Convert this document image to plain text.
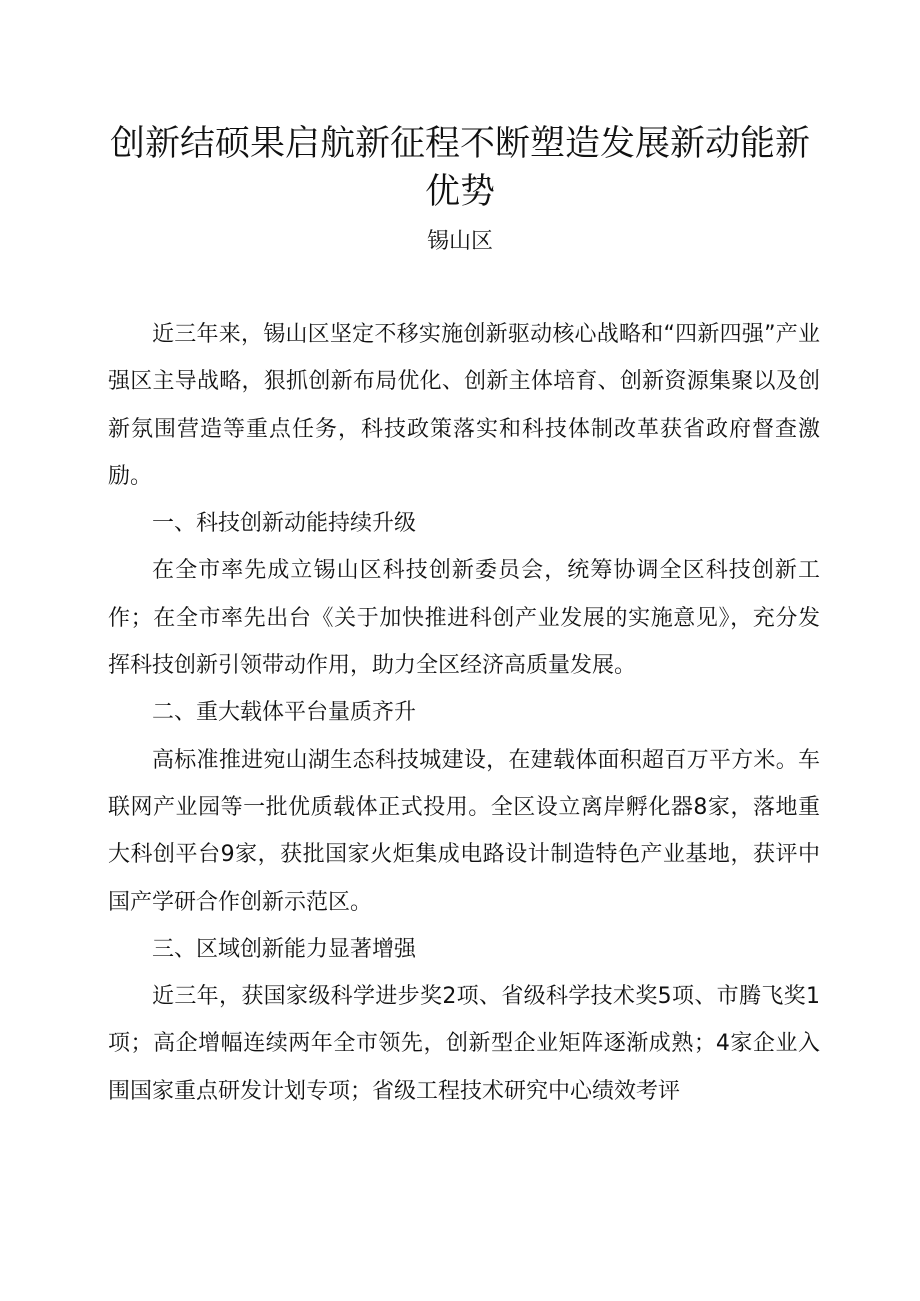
创新结硕果启航新征程不断塑造发展新动能新
优势
锡山区

近三年来，锡山区坚定不移实施创新驱动核心战略和“四新四强”产业强区主导战略，狠抓创新布局优化、创新主体培育、创新资源集聚以及创新氛围营造等重点任务，科技政策落实和科技体制改革获省政府督查激励。

一、科技创新动能持续升级

在全市率先成立锡山区科技创新委员会，统筹协调全区科技创新工作；在全市率先出台《关于加快推进科创产业发展的实施意见》，充分发挥科技创新引领带动作用，助力全区经济高质量发展。

二、重大载体平台量质齐升

高标准推进宛山湖生态科技城建设，在建载体面积超百万平方米。车联网产业园等一批优质载体正式投用。全区设立离岸孵化器8家，落地重大科创平台9家，获批国家火炬集成电路设计制造特色产业基地，获评中国产学研合作创新示范区。

三、区域创新能力显著增强

近三年，获国家级科学进步奖2项、省级科学技术奖5项、市腾飞奖1项；高企增幅连续两年全市领先，创新型企业矩阵逐渐成熟；4家企业入围国家重点研发计划专项；省级工程技术研究中心绩效考评
